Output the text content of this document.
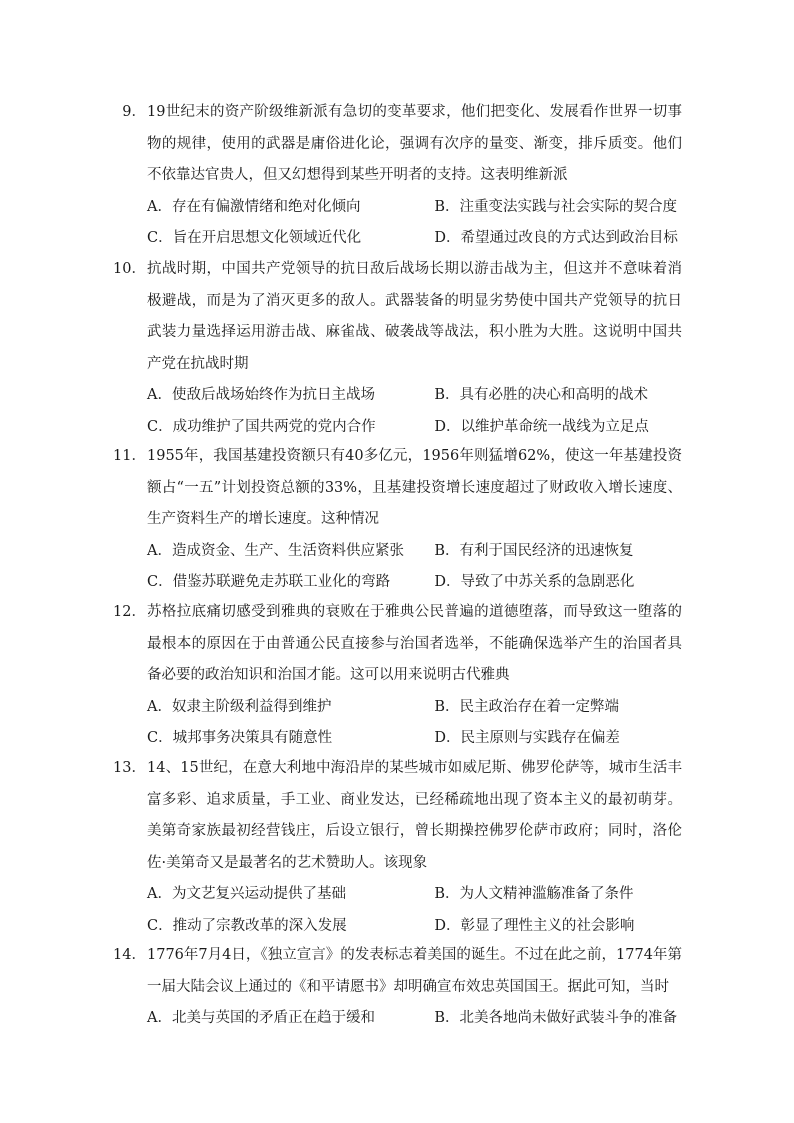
9． 19世纪末的资产阶级维新派有急切的变革要求，他们把变化、发展看作世界一切事物的规律，使用的武器是庸俗进化论，强调有次序的量变、渐变，排斥质变。他们不依靠达官贵人，但又幻想得到某些开明者的支持。这表明维新派

A．存在有偏激情绪和绝对化倾向	B．注重变法实践与社会实际的契合度
C．旨在开启思想文化领域近代化	D．希望通过改良的方式达到政治目标

10． 抗战时期，中国共产党领导的抗日敌后战场长期以游击战为主，但这并不意味着消极避战，而是为了消灭更多的敌人。武器装备的明显劣势使中国共产党领导的抗日武装力量选择运用游击战、麻雀战、破袭战等战法，积小胜为大胜。这说明中国共产党在抗战时期

A．使敌后战场始终作为抗日主战场	B．具有必胜的决心和高明的战术
C．成功维护了国共两党的党内合作	D．以维护革命统一战线为立足点

11． 1955年，我国基建投资额只有40多亿元，1956年则猛增62%，使这一年基建投资额占“一五”计划投资总额的33%，且基建投资增长速度超过了财政收入增长速度、生产资料生产的增长速度。这种情况

A．造成资金、生产、生活资料供应紧张	B．有利于国民经济的迅速恢复
C．借鉴苏联避免走苏联工业化的弯路	D．导致了中苏关系的急剧恶化

12． 苏格拉底痛切感受到雅典的衰败在于雅典公民普遍的道德堕落，而导致这一堕落的最根本的原因在于由普通公民直接参与治国者选举，不能确保选举产生的治国者具备必要的政治知识和治国才能。这可以用来说明古代雅典

A．奴隶主阶级利益得到维护	B．民主政治存在着一定弊端
C．城邦事务决策具有随意性	D．民主原则与实践存在偏差

13． 14、15世纪，在意大利地中海沿岸的某些城市如威尼斯、佛罗伦萨等，城市生活丰富多彩、追求质量，手工业、商业发达，已经稀疏地出现了资本主义的最初萌芽。美第奇家族最初经营钱庄，后设立银行，曾长期操控佛罗伦萨市政府；同时，洛伦佐·美第奇又是最著名的艺术赞助人。该现象

A．为文艺复兴运动提供了基础	B．为人文精神滥觞准备了条件
C．推动了宗教改革的深入发展	D．彰显了理性主义的社会影响

14． 1776年7月4日，《独立宣言》的发表标志着美国的诞生。不过在此之前，1774年第一届大陆会议上通过的《和平请愿书》却明确宣布效忠英国国王。据此可知，当时

A．北美与英国的矛盾正在趋于缓和	B．北美各地尚未做好武装斗争的准备
